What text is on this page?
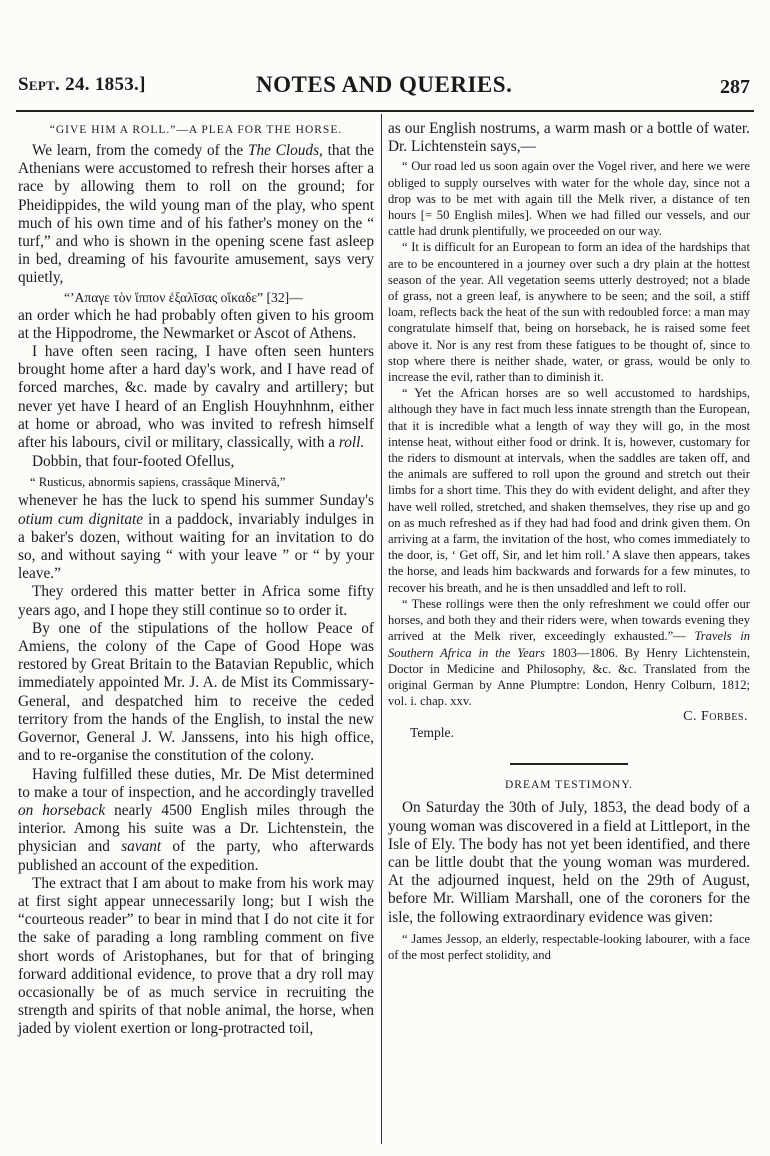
Sept. 24. 1853.]	NOTES AND QUERIES.	287

“GIVE HIM A ROLL.”—A PLEA FOR THE HORSE.

We learn, from the comedy of the The Clouds, that the Athenians were accustomed to refresh their horses after a race by allowing them to roll on the ground; for Pheidippides, the wild young man of the play, who spent much of his own time and of his father's money on the “ turf,” and who is shown in the opening scene fast asleep in bed, dreaming of his favourite amusement, says very quietly,

“’Απαγε τὸν ἵππον ἐξαλῖσας οἴκαδε” [32]—

an order which he had probably often given to his groom at the Hippodrome, the Newmarket or Ascot of Athens.

I have often seen racing, I have often seen hunters brought home after a hard day's work, and I have read of forced marches, &c. made by cavalry and artillery; but never yet have I heard of an English Houyhnhnm, either at home or abroad, who was invited to refresh himself after his labours, civil or military, classically, with a roll.

Dobbin, that four-footed Ofellus,

“ Rusticus, abnormis sapiens, crassâque Minervâ,”

whenever he has the luck to spend his summer Sunday's otium cum dignitate in a paddock, invariably indulges in a baker's dozen, without waiting for an invitation to do so, and without saying “ with your leave ” or “ by your leave.”

They ordered this matter better in Africa some fifty years ago, and I hope they still continue so to order it.

By one of the stipulations of the hollow Peace of Amiens, the colony of the Cape of Good Hope was restored by Great Britain to the Batavian Republic, which immediately appointed Mr. J. A. de Mist its Commissary-General, and despatched him to receive the ceded territory from the hands of the English, to instal the new Governor, General J. W. Janssens, into his high office, and to re-organise the constitution of the colony.

Having fulfilled these duties, Mr. De Mist determined to make a tour of inspection, and he accordingly travelled on horseback nearly 4500 English miles through the interior. Among his suite was a Dr. Lichtenstein, the physician and savant of the party, who afterwards published an account of the expedition.

The extract that I am about to make from his work may at first sight appear unnecessarily long; but I wish the “courteous reader” to bear in mind that I do not cite it for the sake of parading a long rambling comment on five short words of Aristophanes, but for that of bringing forward additional evidence, to prove that a dry roll may occasionally be of as much service in recruiting the strength and spirits of that noble animal, the horse, when jaded by violent exertion or long-protracted toil,

as our English nostrums, a warm mash or a bottle of water. Dr. Lichtenstein says,—

“ Our road led us soon again over the Vogel river, and here we were obliged to supply ourselves with water for the whole day, since not a drop was to be met with again till the Melk river, a distance of ten hours [= 50 English miles]. When we had filled our vessels, and our cattle had drunk plentifully, we proceeded on our way.

“ It is difficult for an European to form an idea of the hardships that are to be encountered in a journey over such a dry plain at the hottest season of the year. All vegetation seems utterly destroyed; not a blade of grass, not a green leaf, is anywhere to be seen; and the soil, a stiff loam, reflects back the heat of the sun with redoubled force: a man may congratulate himself that, being on horseback, he is raised some feet above it. Nor is any rest from these fatigues to be thought of, since to stop where there is neither shade, water, or grass, would be only to increase the evil, rather than to diminish it.

“ Yet the African horses are so well accustomed to hardships, although they have in fact much less innate strength than the European, that it is incredible what a length of way they will go, in the most intense heat, without either food or drink. It is, however, customary for the riders to dismount at intervals, when the saddles are taken off, and the animals are suffered to roll upon the ground and stretch out their limbs for a short time. This they do with evident delight, and after they have well rolled, stretched, and shaken themselves, they rise up and go on as much refreshed as if they had had food and drink given them. On arriving at a farm, the invitation of the host, who comes immediately to the door, is, ‘ Get off, Sir, and let him roll.’ A slave then appears, takes the horse, and leads him backwards and forwards for a few minutes, to recover his breath, and he is then unsaddled and left to roll.

“ These rollings were then the only refreshment we could offer our horses, and both they and their riders were, when towards evening they arrived at the Melk river, exceedingly exhausted.”— Travels in Southern Africa in the Years 1803—1806. By Henry Lichtenstein, Doctor in Medicine and Philosophy, &c. &c. Translated from the original German by Anne Plumptre: London, Henry Colburn, 1812; vol. i. chap. xxv.

C. Forbes.

Temple.

DREAM TESTIMONY.

On Saturday the 30th of July, 1853, the dead body of a young woman was discovered in a field at Littleport, in the Isle of Ely. The body has not yet been identified, and there can be little doubt that the young woman was murdered. At the adjourned inquest, held on the 29th of August, before Mr. William Marshall, one of the coroners for the isle, the following extraordinary evidence was given:

“ James Jessop, an elderly, respectable-looking labourer, with a face of the most perfect stolidity, and
